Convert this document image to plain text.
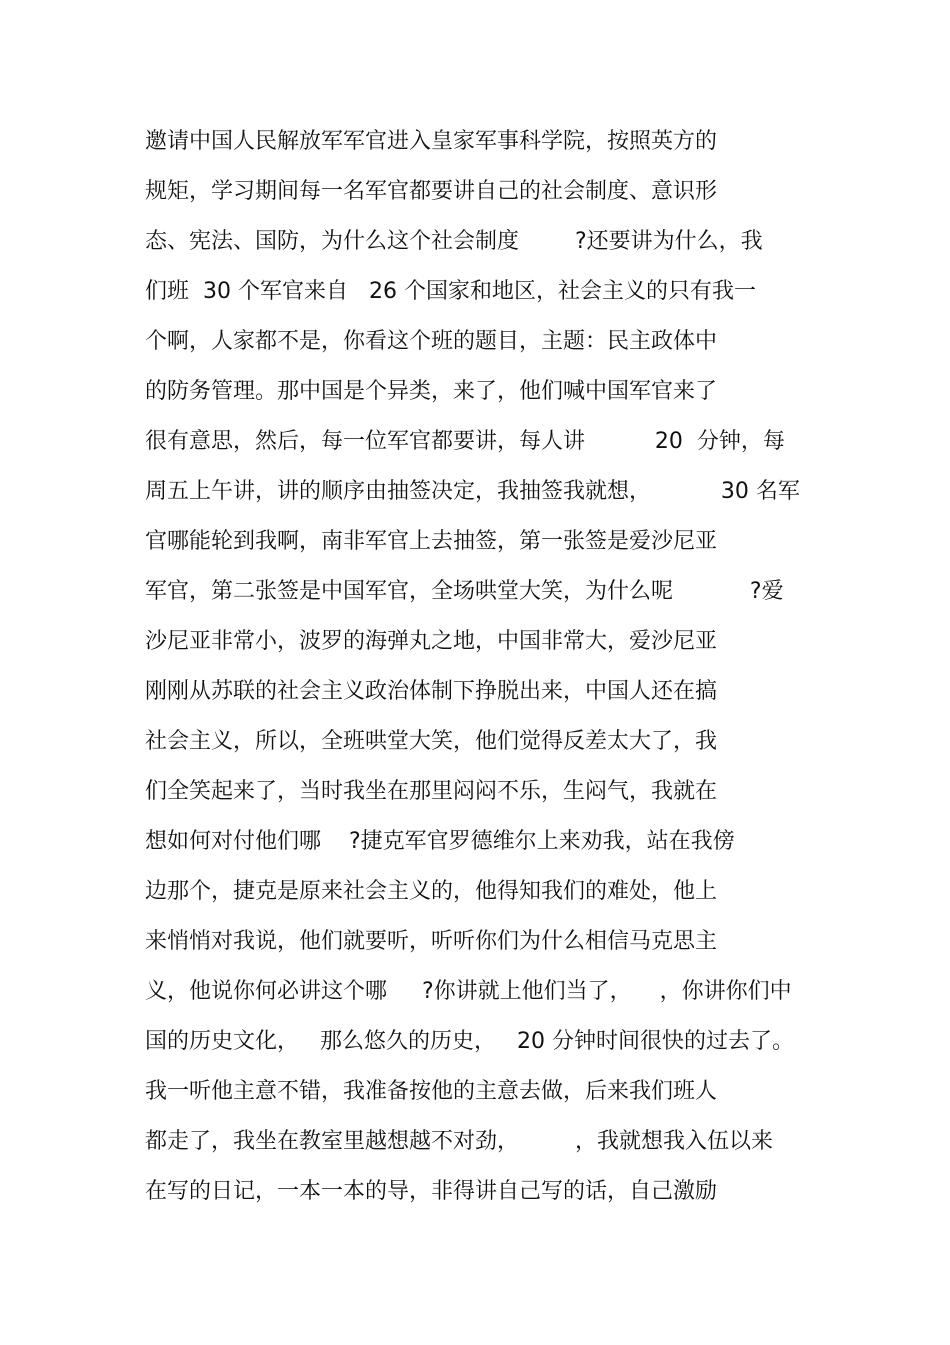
邀请中国人民解放军军官进入皇家军事科学院，按照英方的
规矩，学习期间每一名军官都要讲自己的社会制度、意识形
态、宪法、国防，为什么这个社会制度        ?还要讲为什么，我
们班  30 个军官来自   26 个国家和地区，社会主义的只有我一
个啊，人家都不是，你看这个班的题目，主题：民主政体中
的防务管理。那中国是个异类，来了，他们喊中国军官来了
很有意思，然后，每一位军官都要讲，每人讲          20  分钟，每
周五上午讲，讲的顺序由抽签决定，我抽签我就想，          30 名军
官哪能轮到我啊，南非军官上去抽签，第一张签是爱沙尼亚
军官，第二张签是中国军官，全场哄堂大笑，为什么呢           ?爱
沙尼亚非常小，波罗的海弹丸之地，中国非常大，爱沙尼亚
刚刚从苏联的社会主义政治体制下挣脱出来，中国人还在搞
社会主义，所以，全班哄堂大笑，他们觉得反差太大了，我
们全笑起来了，当时我坐在那里闷闷不乐，生闷气，我就在
想如何对付他们哪    ?捷克军官罗德维尔上来劝我，站在我傍
边那个，捷克是原来社会主义的，他得知我们的难处，他上
来悄悄对我说，他们就要听，听听你们为什么相信马克思主
义，他说你何必讲这个哪     ?你讲就上他们当了，    ，你讲你们中
国的历史文化，   那么悠久的历史，   20 分钟时间很快的过去了。
我一听他主意不错，我准备按他的主意去做，后来我们班人
都走了，我坐在教室里越想越不对劲，        ，我就想我入伍以来
在写的日记，一本一本的导，非得讲自己写的话，自己激励
